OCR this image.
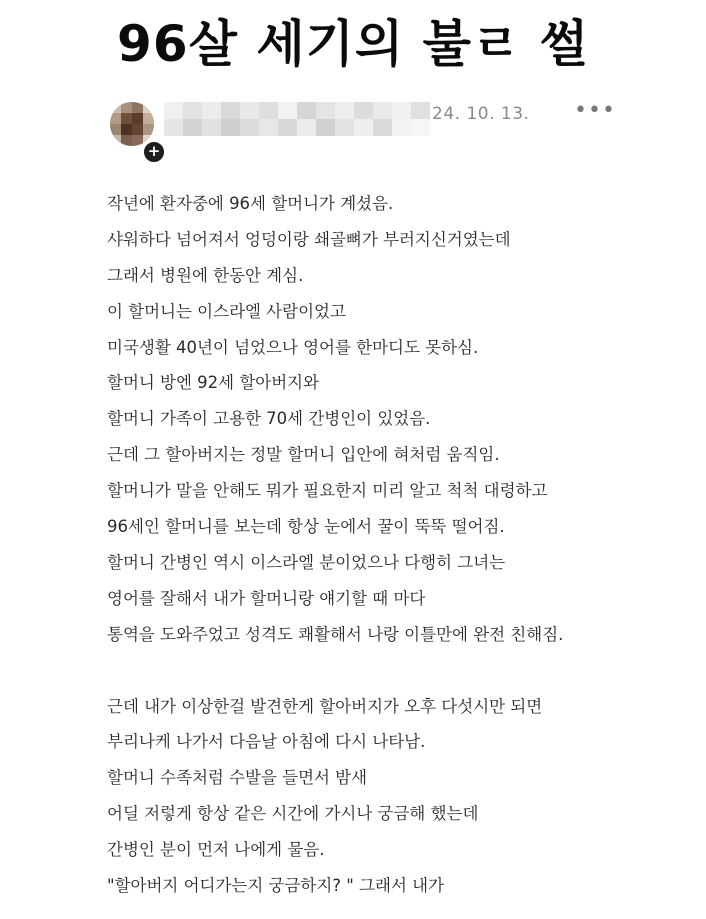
96살 세기의 불ㄹ 썰
+
24. 10. 13. •••
작년에 환자중에 96세 할머니가 계셨음.
샤워하다 넘어져서 엉덩이랑 쇄골뼈가 부러지신거였는데
그래서 병원에 한동안 계심.
이 할머니는 이스라엘 사람이었고
미국생활 40년이 넘었으나 영어를 한마디도 못하심.
할머니 방엔 92세 할아버지와
할머니 가족이 고용한 70세 간병인이 있었음.
근데 그 할아버지는 정말 할머니 입안에 혀처럼 움직임.
할머니가 말을 안해도 뭐가 필요한지 미리 알고 척척 대령하고
96세인 할머니를 보는데 항상 눈에서 꿀이 뚝뚝 떨어짐.
할머니 간병인 역시 이스라엘 분이었으나 다행히 그녀는
영어를 잘해서 내가 할머니랑 얘기할 때 마다
통역을 도와주었고 성격도 쾌활해서 나랑 이틀만에 완전 친해짐.
근데 내가 이상한걸 발견한게 할아버지가 오후 다섯시만 되면
부리나케 나가서 다음날 아침에 다시 나타남.
할머니 수족처럼 수발을 들면서 밤새
어딜 저렇게 항상 같은 시간에 가시나 궁금해 했는데
간병인 분이 먼저 나에게 물음.
"할아버지 어디가는지 궁금하지? " 그래서 내가
